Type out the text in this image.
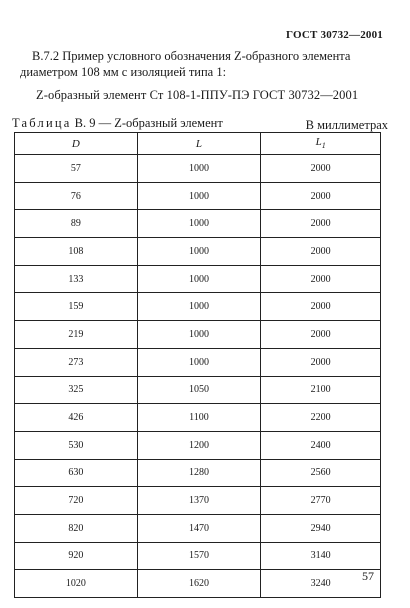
ГОСТ 30732—2001
В.7.2 Пример условного обозначения Z-образного элемента диаметром 108 мм с изоляцией типа 1:
Z-образный элемент Ст 108-1-ППУ-ПЭ ГОСТ 30732—2001
Таблица В. 9 — Z-образный элемент	В миллиметрах
D	L	$L_1$
57	1000	2000
76	1000	2000
89	1000	2000
108	1000	2000
133	1000	2000
159	1000	2000
219	1000	2000
273	1000	2000
325	1050	2100
426	1100	2200
530	1200	2400
630	1280	2560
720	1370	2770
820	1470	2940
920	1570	3140
1020	1620	3240
57
